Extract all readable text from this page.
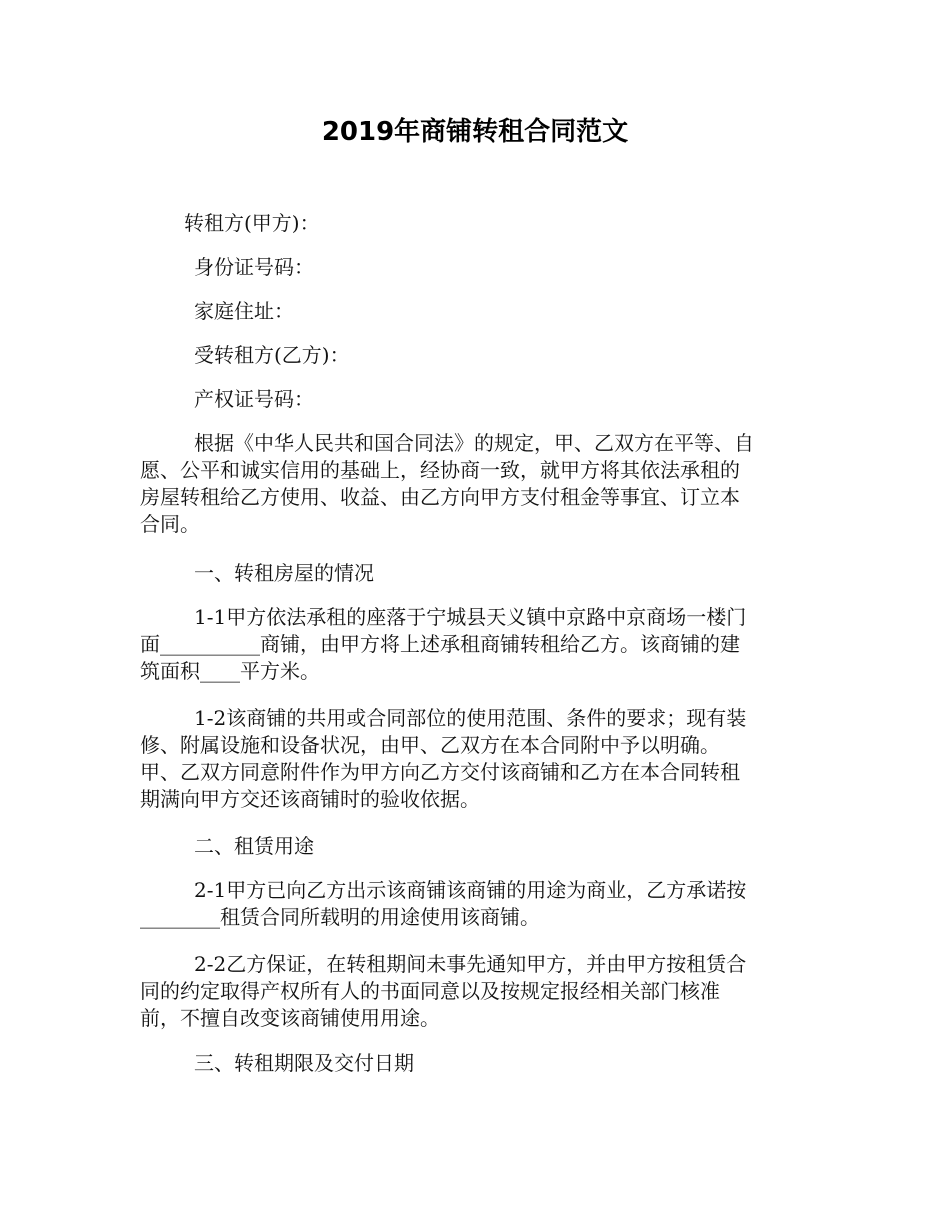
2019年商铺转租合同范文
转租方(甲方)：
身份证号码：
家庭住址：
受转租方(乙方)：
产权证号码：
根据《中华人民共和国合同法》的规定，甲、乙双方在平等、自
愿、公平和诚实信用的基础上，经协商一致，就甲方将其依法承租的
房屋转租给乙方使用、收益、由乙方向甲方支付租金等事宜、订立本
合同。
一、转租房屋的情况
1-1甲方依法承租的座落于宁城县天义镇中京路中京商场一楼门
面__________商铺，由甲方将上述承租商铺转租给乙方。该商铺的建
筑面积____平方米。
1-2该商铺的共用或合同部位的使用范围、条件的要求；现有装
修、附属设施和设备状况，由甲、乙双方在本合同附中予以明确。
甲、乙双方同意附件作为甲方向乙方交付该商铺和乙方在本合同转租
期满向甲方交还该商铺时的验收依据。
二、租赁用途
2-1甲方已向乙方出示该商铺该商铺的用途为商业，乙方承诺按
________租赁合同所载明的用途使用该商铺。
2-2乙方保证，在转租期间未事先通知甲方，并由甲方按租赁合
同的约定取得产权所有人的书面同意以及按规定报经相关部门核准
前，不擅自改变该商铺使用用途。
三、转租期限及交付日期
